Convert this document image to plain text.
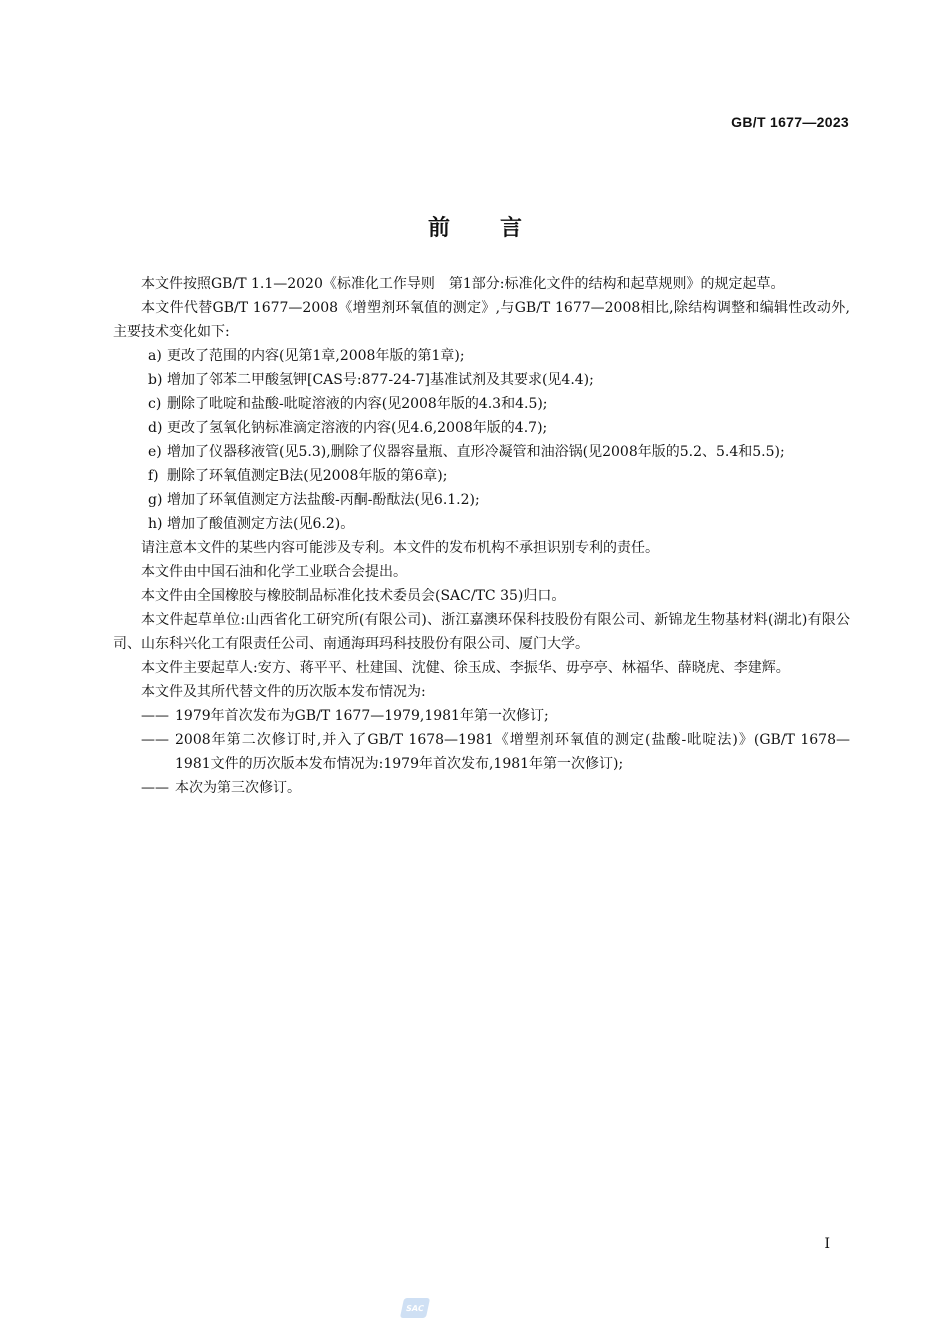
GB/T 1677—2023
前言

本文件按照GB/T 1.1—2020《标准化工作导则　第1部分:标准化文件的结构和起草规则》的规定起草。

本文件代替GB/T 1677—2008《增塑剂环氧值的测定》,与GB/T 1677—2008相比,除结构调整和编辑性改动外,主要技术变化如下:

a) 更改了范围的内容(见第1章,2008年版的第1章);
b) 增加了邻苯二甲酸氢钾[CAS号:877-24-7]基准试剂及其要求(见4.4);
c) 删除了吡啶和盐酸-吡啶溶液的内容(见2008年版的4.3和4.5);
d) 更改了氢氧化钠标准滴定溶液的内容(见4.6,2008年版的4.7);
e) 增加了仪器移液管(见5.3),删除了仪器容量瓶、直形冷凝管和油浴锅(见2008年版的5.2、5.4和5.5);
f) 删除了环氧值测定B法(见2008年版的第6章);
g) 增加了环氧值测定方法盐酸-丙酮-酚酞法(见6.1.2);
h) 增加了酸值测定方法(见6.2)。

请注意本文件的某些内容可能涉及专利。本文件的发布机构不承担识别专利的责任。

本文件由中国石油和化学工业联合会提出。

本文件由全国橡胶与橡胶制品标准化技术委员会(SAC/TC 35)归口。

本文件起草单位:山西省化工研究所(有限公司)、浙江嘉澳环保科技股份有限公司、新锦龙生物基材料(湖北)有限公司、山东科兴化工有限责任公司、南通海珥玛科技股份有限公司、厦门大学。

本文件主要起草人:安方、蒋平平、杜建国、沈健、徐玉成、李振华、毋亭亭、林福华、薛晓虎、李建辉。

本文件及其所代替文件的历次版本发布情况为:

—— 1979年首次发布为GB/T 1677—1979,1981年第一次修订;
—— 2008年第二次修订时,并入了GB/T 1678—1981《增塑剂环氧值的测定(盐酸-吡啶法)》(GB/T 1678—1981文件的历次版本发布情况为:1979年首次发布,1981年第一次修订);
—— 本次为第三次修订。
I
SAC
